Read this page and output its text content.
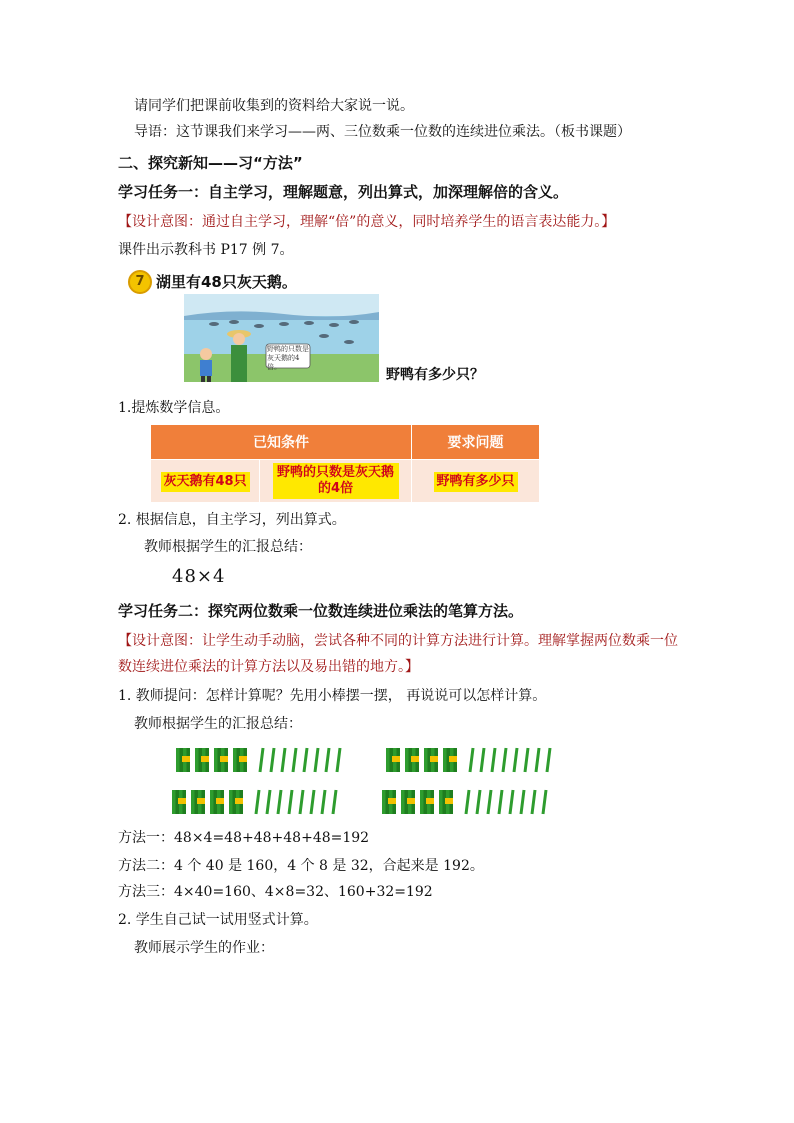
请同学们把课前收集到的资料给大家说一说。
导语：这节课我们来学习——两、三位数乘一位数的连续进位乘法。（板书课题）
二、探究新知——习“方法”
学习任务一：自主学习，理解题意，列出算式，加深理解倍的含义。
【设计意图：通过自主学习，理解“倍”的意义，同时培养学生的语言表达能力。】
课件出示教科书 P17 例 7。
7 湖里有48只灰天鹅。
野鸭的只数是灰天鹅的4倍。	野鸭有多少只？
1.提炼数学信息。
已知条件		要求问题
灰天鹅有48只	野鸭的只数是灰天鹅的4倍	野鸭有多少只
2. 根据信息，自主学习，列出算式。
教师根据学生的汇报总结：
48×4
学习任务二：探究两位数乘一位数连续进位乘法的笔算方法。
【设计意图：让学生动手动脑，尝试各种不同的计算方法进行计算。理解掌握两位数乘一位
数连续进位乘法的计算方法以及易出错的地方。】
1. 教师提问：怎样计算呢？先用小棒摆一摆， 再说说可以怎样计算。
教师根据学生的汇报总结：
方法一：48×4=48+48+48+48=192
方法二：4 个 40 是 160，4 个 8 是 32，合起来是 192。
方法三：4×40=160、4×8=32、160+32=192
2. 学生自己试一试用竖式计算。
教师展示学生的作业：
